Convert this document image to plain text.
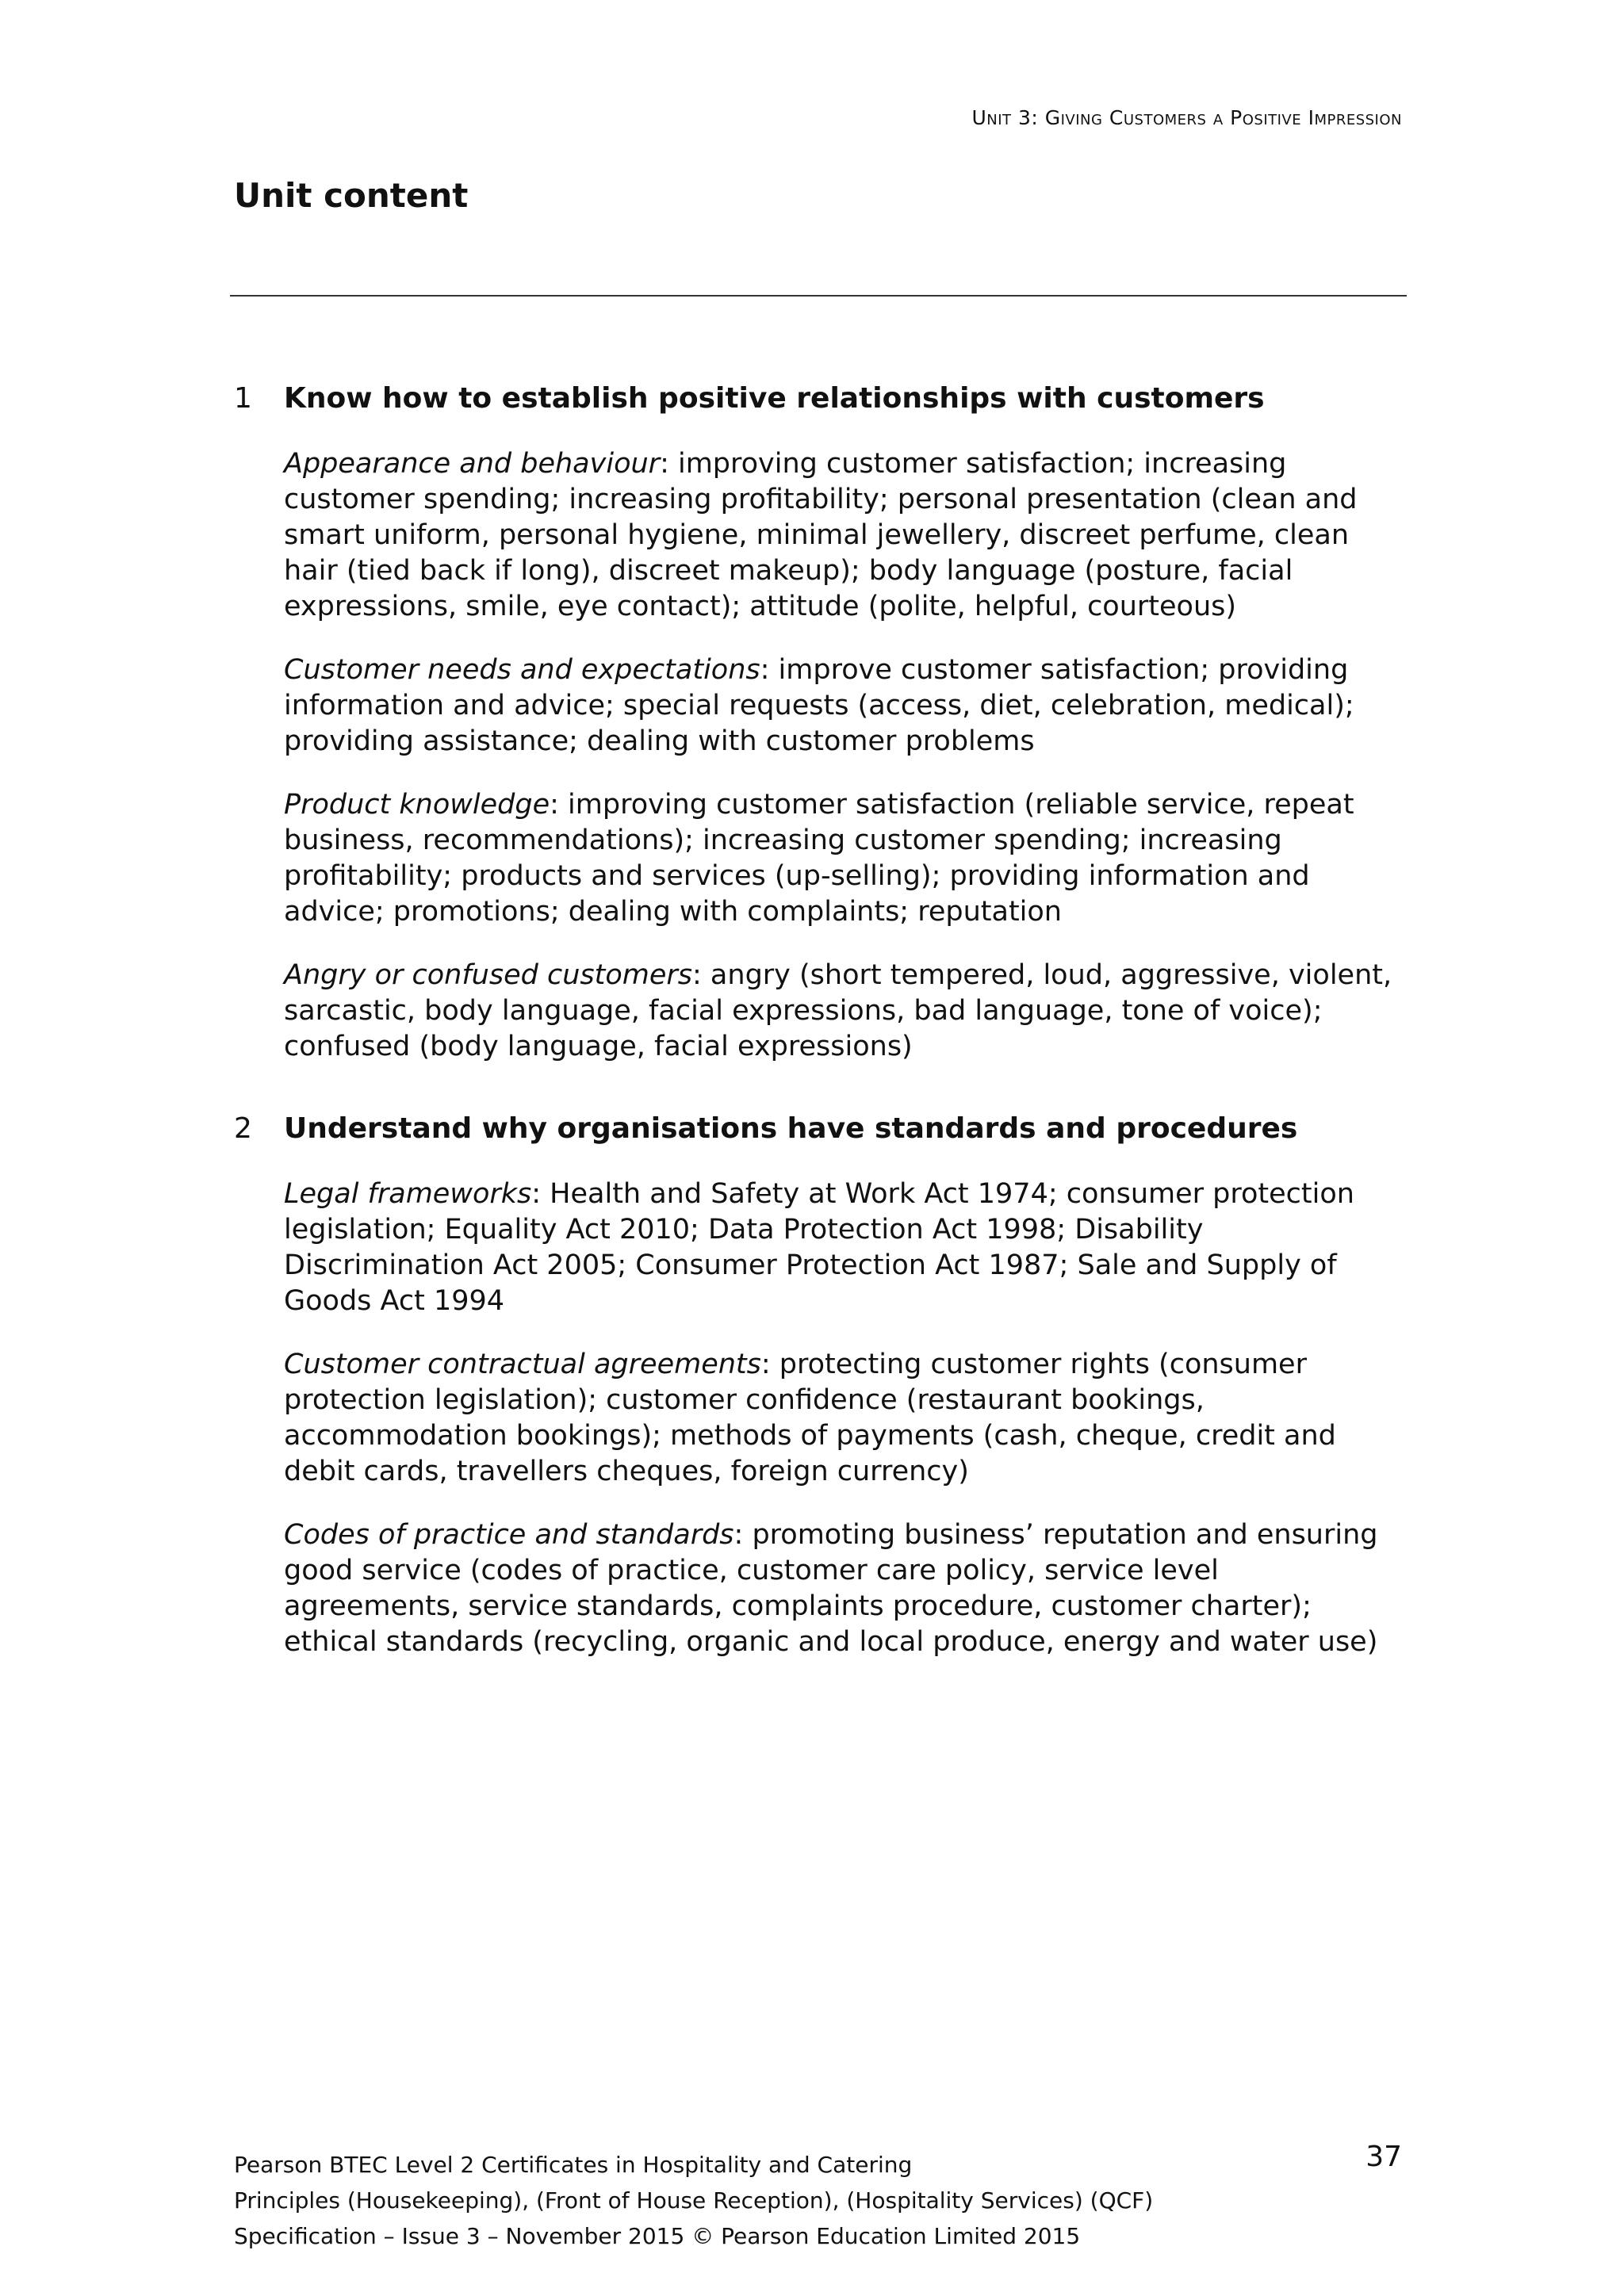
Unit 3: Giving Customers a Positive Impression
Unit content
1	Know how to establish positive relationships with customers

Appearance and behaviour: improving customer satisfaction; increasing customer spending; increasing profitability; personal presentation (clean and smart uniform, personal hygiene, minimal jewellery, discreet perfume, clean hair (tied back if long), discreet makeup); body language (posture, facial expressions, smile, eye contact); attitude (polite, helpful, courteous)

Customer needs and expectations: improve customer satisfaction; providing information and advice; special requests (access, diet, celebration, medical); providing assistance; dealing with customer problems

Product knowledge: improving customer satisfaction (reliable service, repeat business, recommendations); increasing customer spending; increasing profitability; products and services (up-selling); providing information and advice; promotions; dealing with complaints; reputation

Angry or confused customers: angry (short tempered, loud, aggressive, violent, sarcastic, body language, facial expressions, bad language, tone of voice); confused (body language, facial expressions)

2	Understand why organisations have standards and procedures

Legal frameworks: Health and Safety at Work Act 1974; consumer protection legislation; Equality Act 2010; Data Protection Act 1998; Disability Discrimination Act 2005; Consumer Protection Act 1987; Sale and Supply of Goods Act 1994

Customer contractual agreements: protecting customer rights (consumer protection legislation); customer confidence (restaurant bookings, accommodation bookings); methods of payments (cash, cheque, credit and debit cards, travellers cheques, foreign currency)

Codes of practice and standards: promoting business’ reputation and ensuring good service (codes of practice, customer care policy, service level agreements, service standards, complaints procedure, customer charter); ethical standards (recycling, organic and local produce, energy and water use)

Pearson BTEC Level 2 Certificates in Hospitality and Catering
Principles (Housekeeping), (Front of House Reception), (Hospitality Services) (QCF)
Specification – Issue 3 – November 2015 © Pearson Education Limited 2015
37
